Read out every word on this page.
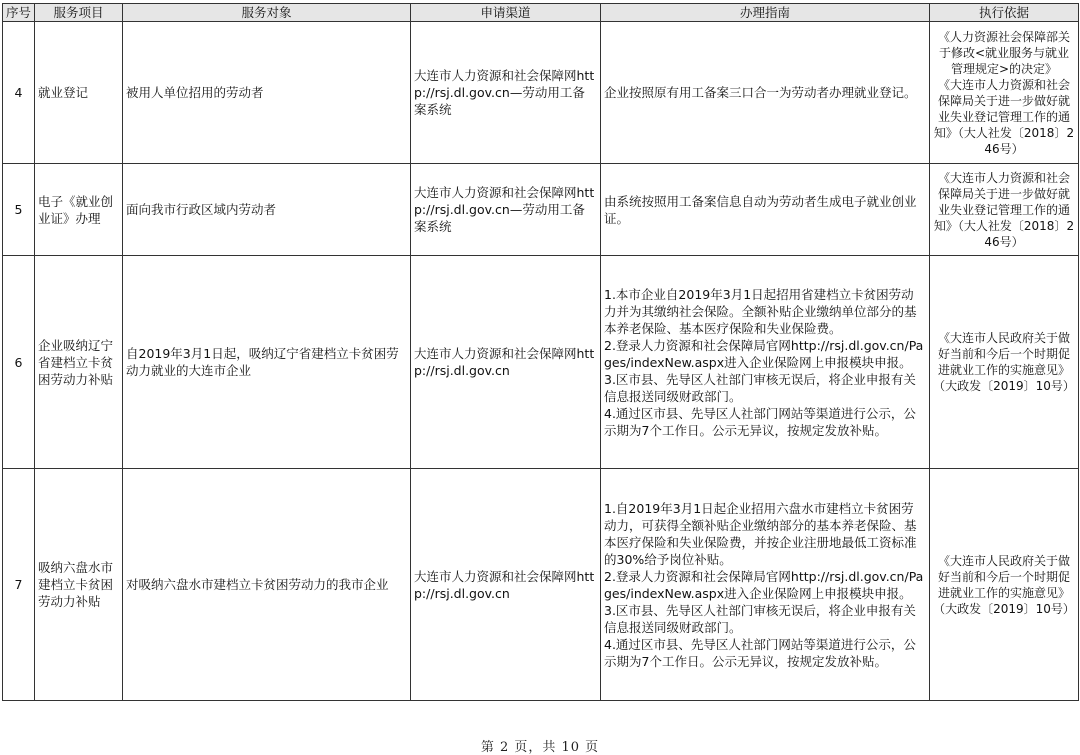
序号	服务项目	服务对象	申请渠道	办理指南	执行依据
4	就业登记	被用人单位招用的劳动者	大连市人力资源和社会保障网http://rsj.dl.gov.cn—劳动用工备案系统	企业按照原有用工备案三口合一为劳动者办理就业登记。	《人力资源社会保障部关于修改<就业服务与就业管理规定>的决定》
《大连市人力资源和社会保障局关于进一步做好就业失业登记管理工作的通知》（大人社发〔2018〕246号）
5	电子《就业创业证》办理	面向我市行政区域内劳动者	大连市人力资源和社会保障网http://rsj.dl.gov.cn—劳动用工备案系统	由系统按照用工备案信息自动为劳动者生成电子就业创业证。	《大连市人力资源和社会保障局关于进一步做好就业失业登记管理工作的通知》（大人社发〔2018〕246号）
6	企业吸纳辽宁省建档立卡贫困劳动力补贴	自2019年3月1日起，吸纳辽宁省建档立卡贫困劳动力就业的大连市企业	大连市人力资源和社会保障网http://rsj.dl.gov.cn	1.本市企业自2019年3月1日起招用省建档立卡贫困劳动力并为其缴纳社会保险。全额补贴企业缴纳单位部分的基本养老保险、基本医疗保险和失业保险费。
2.登录人力资源和社会保障局官网http://rsj.dl.gov.cn/Pages/indexNew.aspx进入企业保险网上申报模块申报。
3.区市县、先导区人社部门审核无误后，将企业申报有关信息报送同级财政部门。
4.通过区市县、先导区人社部门网站等渠道进行公示，公示期为7个工作日。公示无异议，按规定发放补贴。	《大连市人民政府关于做好当前和今后一个时期促进就业工作的实施意见》（大政发〔2019〕10号）
7	吸纳六盘水市建档立卡贫困劳动力补贴	对吸纳六盘水市建档立卡贫困劳动力的我市企业	大连市人力资源和社会保障网http://rsj.dl.gov.cn	1.自2019年3月1日起企业招用六盘水市建档立卡贫困劳动力，可获得全额补贴企业缴纳部分的基本养老保险、基本医疗保险和失业保险费，并按企业注册地最低工资标准的30%给予岗位补贴。
2.登录人力资源和社会保障局官网http://rsj.dl.gov.cn/Pages/indexNew.aspx进入企业保险网上申报模块申报。
3.区市县、先导区人社部门审核无误后，将企业申报有关信息报送同级财政部门。
4.通过区市县、先导区人社部门网站等渠道进行公示，公示期为7个工作日。公示无异议，按规定发放补贴。	《大连市人民政府关于做好当前和今后一个时期促进就业工作的实施意见》（大政发〔2019〕10号）
第 2 页，共 10 页
